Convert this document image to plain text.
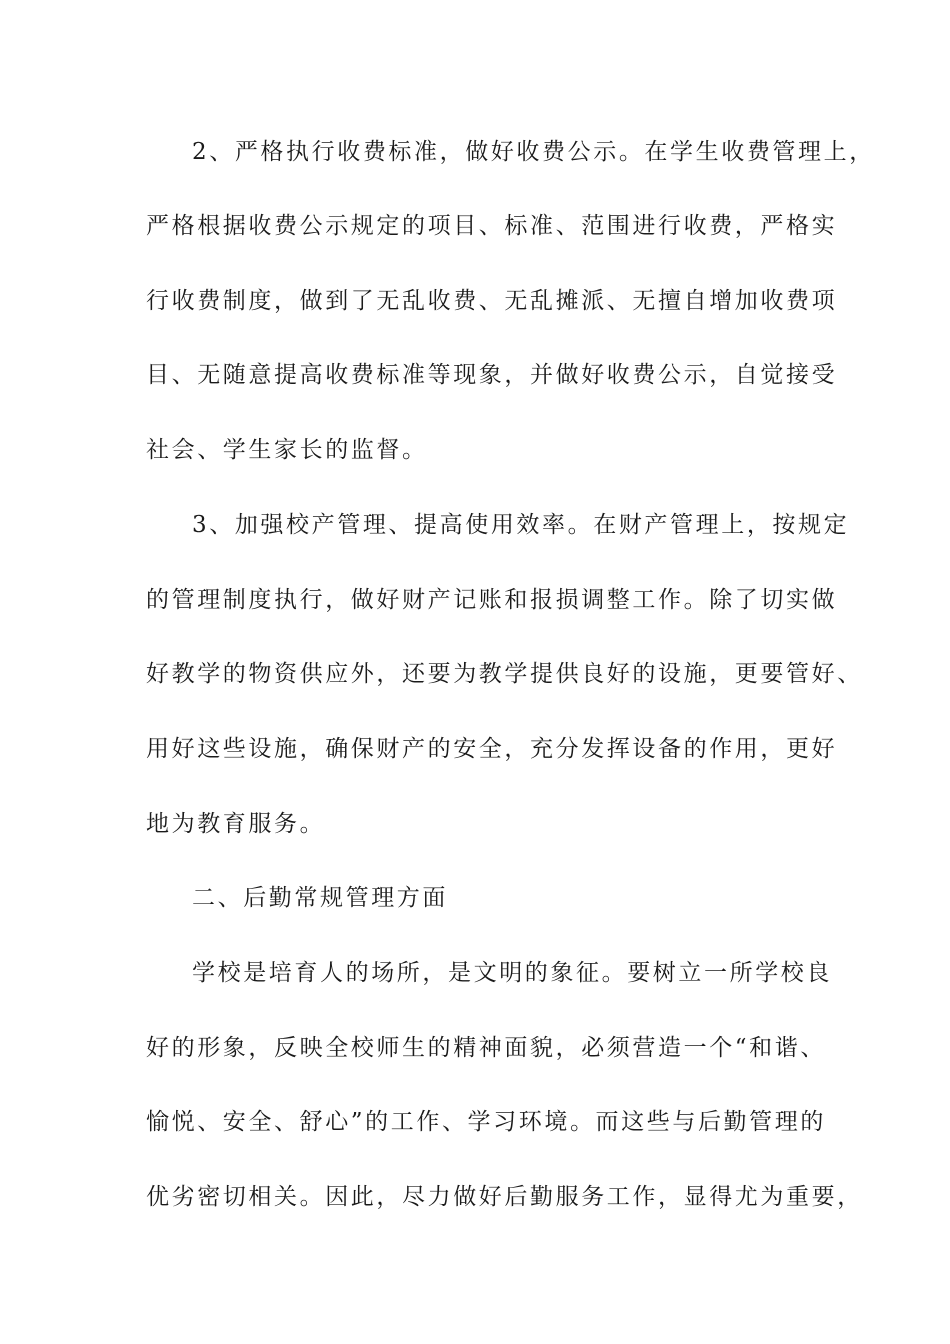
2、严格执行收费标准，做好收费公示。在学生收费管理上，
严格根据收费公示规定的项目、标准、范围进行收费，严格实
行收费制度，做到了无乱收费、无乱摊派、无擅自增加收费项
目、无随意提高收费标准等现象，并做好收费公示，自觉接受
社会、学生家长的监督。
3、加强校产管理、提高使用效率。在财产管理上，按规定
的管理制度执行，做好财产记账和报损调整工作。除了切实做
好教学的物资供应外，还要为教学提供良好的设施，更要管好、
用好这些设施，确保财产的安全，充分发挥设备的作用，更好
地为教育服务。
二、后勤常规管理方面
学校是培育人的场所，是文明的象征。要树立一所学校良
好的形象，反映全校师生的精神面貌，必须营造一个“和谐、
愉悦、安全、舒心”的工作、学习环境。而这些与后勤管理的
优劣密切相关。因此，尽力做好后勤服务工作，显得尤为重要，
